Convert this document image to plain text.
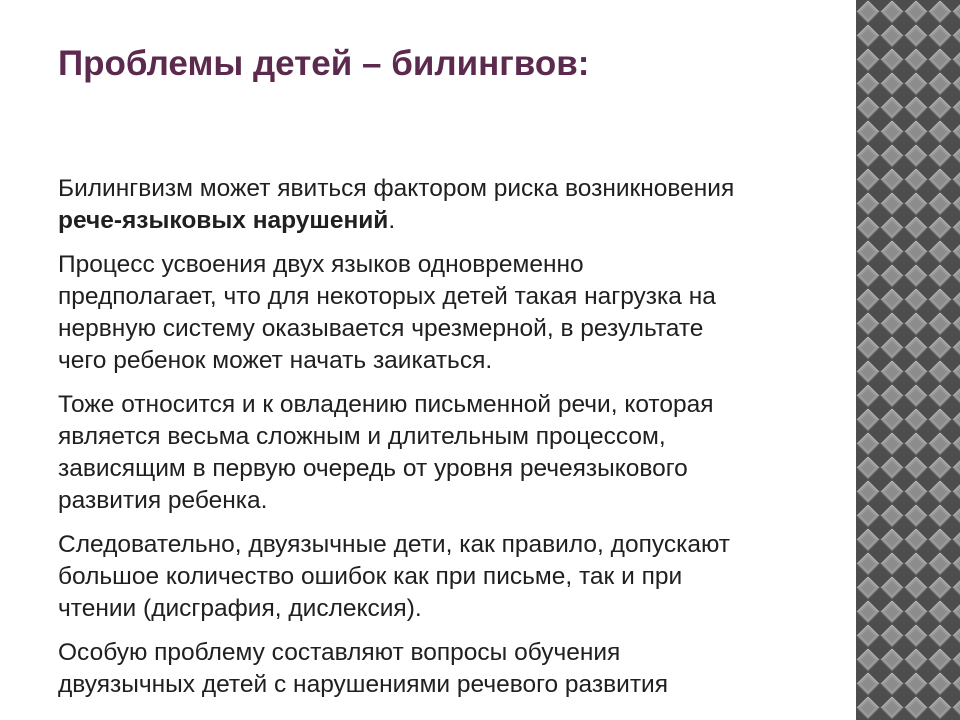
Проблемы детей – билингвов:

Билингвизм может явиться фактором риска возникновения
рече-языковых нарушений.

Процесс усвоения двух языков одновременно
предполагает, что для некоторых детей такая нагрузка на
нервную систему оказывается чрезмерной, в результате
чего ребенок может начать заикаться.

Тоже относится и к овладению письменной речи, которая
является весьма сложным и длительным процессом,
зависящим в первую очередь от уровня речеязыкового
развития ребенка.

Следовательно, двуязычные дети, как правило, допускают
большое количество ошибок как при письме, так и при
чтении (дисграфия, дислексия).

Особую проблему составляют вопросы обучения
двуязычных детей с нарушениями речевого развития
